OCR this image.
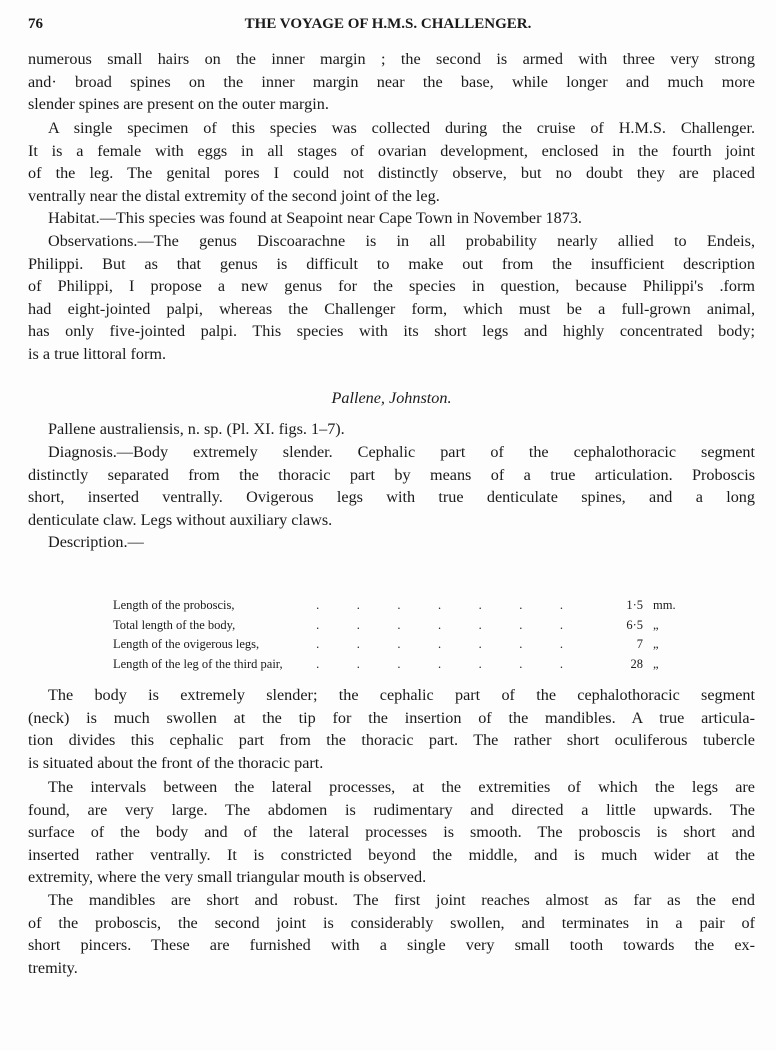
76	THE VOYAGE OF H.M.S. CHALLENGER.
numerous small hairs on the inner margin ; the second is armed with three very strong
and· broad spines on the inner margin near the base, while longer and much more
slender spines are present on the outer margin.
A single specimen of this species was collected during the cruise of H.M.S. Challenger.
It is a female with eggs in all stages of ovarian development, enclosed in the fourth joint
of the leg. The genital pores I could not distinctly observe, but no doubt they are placed
ventrally near the distal extremity of the second joint of the leg.
Habitat.—This species was found at Seapoint near Cape Town in November 1873.
Observations.—The genus Discoarachne is in all probability nearly allied to Endeis,
Philippi. But as that genus is difficult to make out from the insufficient description
of Philippi, I propose a new genus for the species in question, because Philippi's .form
had eight-jointed palpi, whereas the Challenger form, which must be a full-grown animal,
has only five-jointed palpi. This species with its short legs and highly concentrated body;
is a true littoral form.
Pallene australiensis, n. sp. (Pl. XI. figs. 1–7).
Diagnosis.—Body extremely slender. Cephalic part of the cephalothoracic segment
distinctly separated from the thoracic part by means of a true articulation. Proboscis
short, inserted ventrally. Ovigerous legs with true denticulate spines, and a long
denticulate claw. Legs without auxiliary claws.
Description.—
The body is extremely slender; the cephalic part of the cephalothoracic segment
(neck) is much swollen at the tip for the insertion of the mandibles. A true articula-
tion divides this cephalic part from the thoracic part. The rather short oculiferous tubercle
is situated about the front of the thoracic part.
The intervals between the lateral processes, at the extremities of which the legs are
found, are very large. The abdomen is rudimentary and directed a little upwards. The
surface of the body and of the lateral processes is smooth. The proboscis is short and
inserted rather ventrally. It is constricted beyond the middle, and is much wider at the
extremity, where the very small triangular mouth is observed.
The mandibles are short and robust. The first joint reaches almost as far as the end
of the proboscis, the second joint is considerably swollen, and terminates in a pair of
short pincers. These are furnished with a single very small tooth towards the ex-
tremity.
Pallene, Johnston.
Length of the proboscis,	.            .            .            .            .            .            .	1·5 mm.
Total length of the body,	.            .            .            .            .            .            .	6·5 „
Length of the ovigerous legs,	.            .            .            .            .            .            .	7 „
Length of the leg of the third pair,	.            .            .            .            .            .            .	28 „
